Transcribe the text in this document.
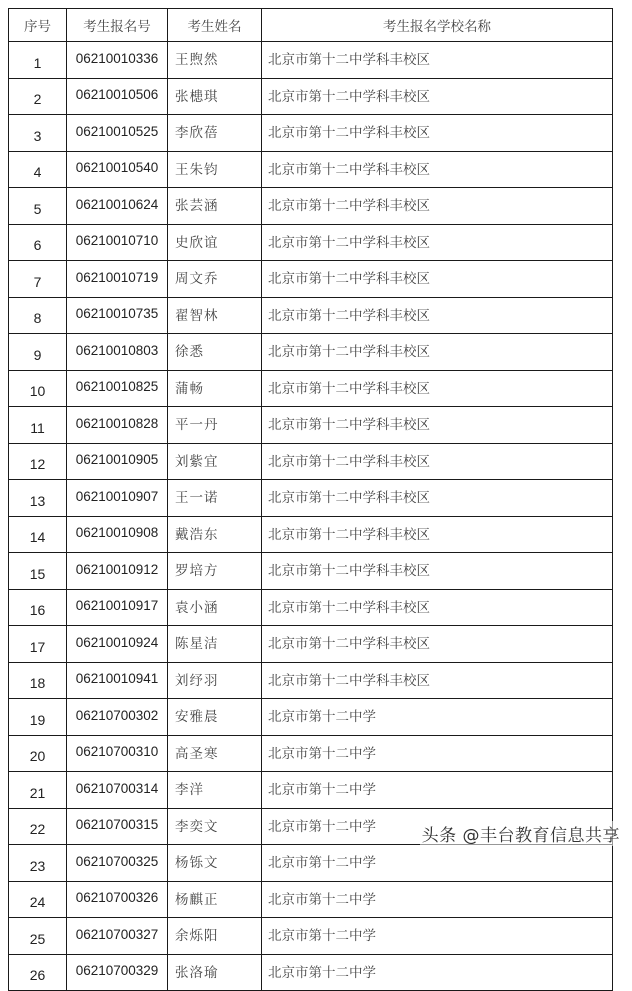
序号	考生报名号	考生姓名	考生报名学校名称
1	06210010336	王煦然	北京市第十二中学科丰校区
2	06210010506	张槵琪	北京市第十二中学科丰校区
3	06210010525	李欣蓓	北京市第十二中学科丰校区
4	06210010540	王朱钧	北京市第十二中学科丰校区
5	06210010624	张芸涵	北京市第十二中学科丰校区
6	06210010710	史欣谊	北京市第十二中学科丰校区
7	06210010719	周文乔	北京市第十二中学科丰校区
8	06210010735	翟智林	北京市第十二中学科丰校区
9	06210010803	徐悉	北京市第十二中学科丰校区
10	06210010825	蒲畅	北京市第十二中学科丰校区
11	06210010828	平一丹	北京市第十二中学科丰校区
12	06210010905	刘紫宜	北京市第十二中学科丰校区
13	06210010907	王一诺	北京市第十二中学科丰校区
14	06210010908	戴浩东	北京市第十二中学科丰校区
15	06210010912	罗培方	北京市第十二中学科丰校区
16	06210010917	袁小涵	北京市第十二中学科丰校区
17	06210010924	陈星洁	北京市第十二中学科丰校区
18	06210010941	刘纾羽	北京市第十二中学科丰校区
19	06210700302	安雅晨	北京市第十二中学
20	06210700310	高圣寒	北京市第十二中学
21	06210700314	李洋	北京市第十二中学
22	06210700315	李奕文	北京市第十二中学
23	06210700325	杨铄文	北京市第十二中学
24	06210700326	杨麒正	北京市第十二中学
25	06210700327	余烁阳	北京市第十二中学
26	06210700329	张洛瑜	北京市第十二中学
头条 @丰台教育信息共享
